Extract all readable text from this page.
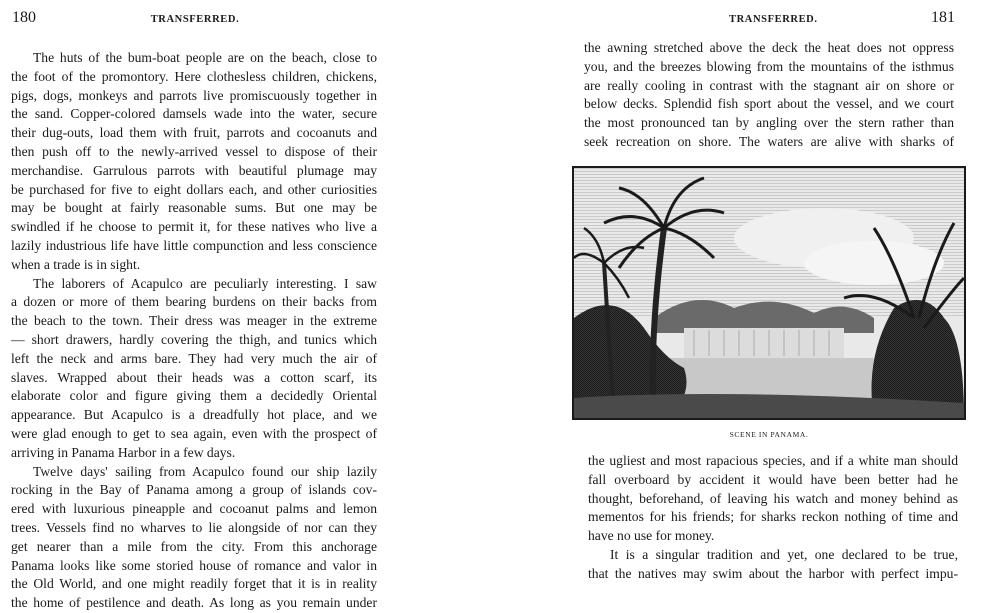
180	TRANSFERRED.
The huts of the bum-boat people are on the beach, close to
the foot of the promontory. Here clothesless children, chickens,
pigs, dogs, monkeys and parrots live promiscuously together in
the sand. Copper-colored damsels wade into the water, secure
their dug-outs, load them with fruit, parrots and cocoanuts and
then push off to the newly-arrived vessel to dispose of their
merchandise. Garrulous parrots with beautiful plumage may
be purchased for five to eight dollars each, and other curiosities
may be bought at fairly reasonable sums. But one may be
swindled if he choose to permit it, for these natives who live a
lazily industrious life have little compunction and less conscience
when a trade is in sight.
The laborers of Acapulco are peculiarly interesting. I saw
a dozen or more of them bearing burdens on their backs from
the beach to the town. Their dress was meager in the extreme
— short drawers, hardly covering the thigh, and tunics which
left the neck and arms bare. They had very much the air of
slaves. Wrapped about their heads was a cotton scarf, its
elaborate color and figure giving them a decidedly Oriental
appearance. But Acapulco is a dreadfully hot place, and we
were glad enough to get to sea again, even with the prospect of
arriving in Panama Harbor in a few days.
Twelve days' sailing from Acapulco found our ship lazily
rocking in the Bay of Panama among a group of islands cov-
ered with luxurious pineapple and cocoanut palms and lemon
trees. Vessels find no wharves to lie alongside of nor can they
get nearer than a mile from the city. From this anchorage
Panama looks like some storied house of romance and valor in
the Old World, and one might readily forget that it is in reality
the home of pestilence and death. As long as you remain under
TRANSFERRED.	181
the awning stretched above the deck the heat does not oppress
you, and the breezes blowing from the mountains of the isthmus
are really cooling in contrast with the stagnant air on shore or
below decks. Splendid fish sport about the vessel, and we court
the most pronounced tan by angling over the stern rather than
seek recreation on shore. The waters are alive with sharks of
SCENE IN PANAMA.
the ugliest and most rapacious species, and if a white man should
fall overboard by accident it would have been better had he
thought, beforehand, of leaving his watch and money behind as
mementos for his friends; for sharks reckon nothing of time and
have no use for money.
It is a singular tradition and yet, one declared to be true,
that the natives may swim about the harbor with perfect impu-
